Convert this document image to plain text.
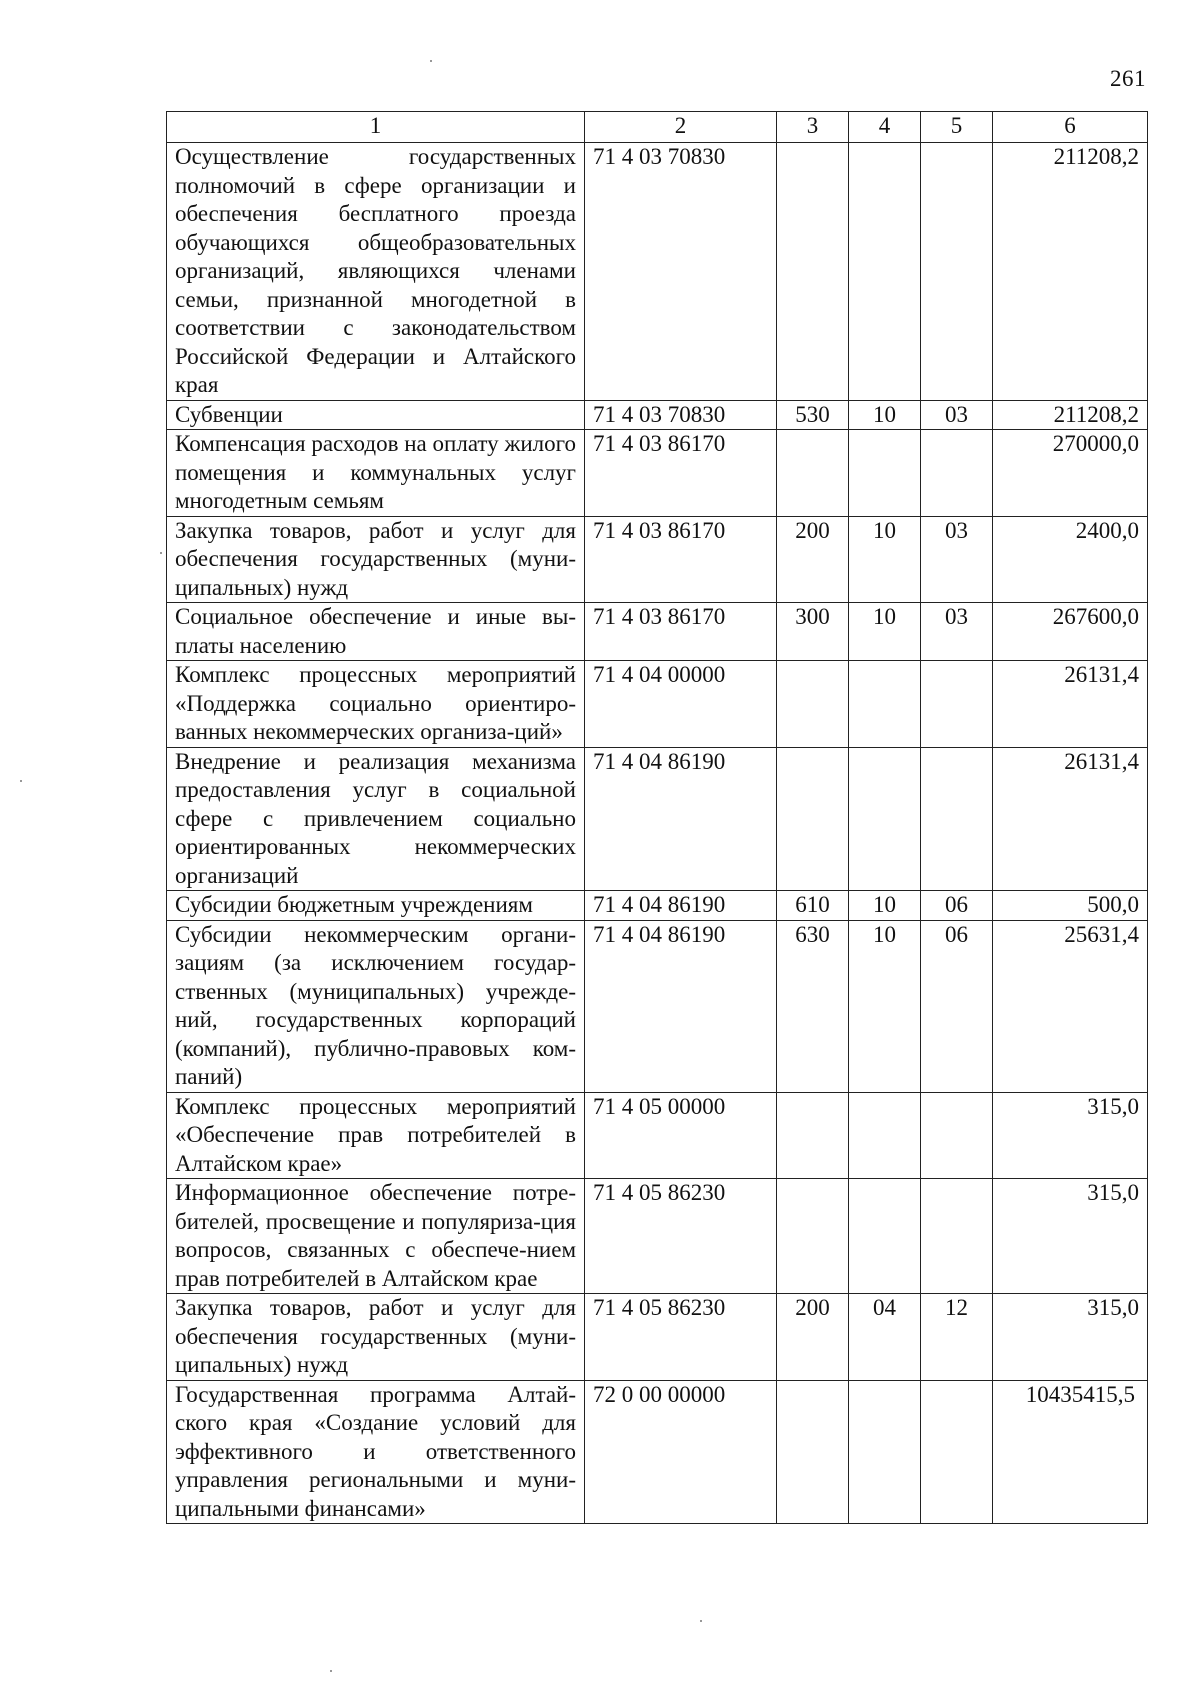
261
1	2	3	4	5	6
Осуществление государственных полномочий в сфере организации и обеспечения бесплатного проезда обучающихся общеобразовательных организаций, являющихся членами семьи, признанной многодетной в соответствии с законодательством Российской Федерации и Алтайского края	71 4 03 70830				211208,2
Субвенции	71 4 03 70830	530	10	03	211208,2
Компенсация расходов на оплату жилого помещения и коммунальных услуг многодетным семьям	71 4 03 86170				270000,0
Закупка товаров, работ и услуг для обеспечения государственных (муни-ципальных) нужд	71 4 03 86170	200	10	03	2400,0
Социальное обеспечение и иные вы-платы населению	71 4 03 86170	300	10	03	267600,0
Комплекс процессных мероприятий «Поддержка социально ориентиро-ванных некоммерческих организа-ций»	71 4 04 00000				26131,4
Внедрение и реализация механизма предоставления услуг в социальной сфере с привлечением социально ориентированных некоммерческих организаций	71 4 04 86190				26131,4
Субсидии бюджетным учреждениям	71 4 04 86190	610	10	06	500,0
Субсидии некоммерческим органи-зациям (за исключением государ-ственных (муниципальных) учрежде-ний, государственных корпораций (компаний), публично-правовых ком-паний)	71 4 04 86190	630	10	06	25631,4
Комплекс процессных мероприятий «Обеспечение прав потребителей в Алтайском крае»	71 4 05 00000				315,0
Информационное обеспечение потре-бителей, просвещение и популяриза-ция вопросов, связанных с обеспече-нием прав потребителей в Алтайском крае	71 4 05 86230				315,0
Закупка товаров, работ и услуг для обеспечения государственных (муни-ципальных) нужд	71 4 05 86230	200	04	12	315,0
Государственная программа Алтай-ского края «Создание условий для эффективного и ответственного управления региональными и муни-ципальными финансами»	72 0 00 00000				10435415,5
